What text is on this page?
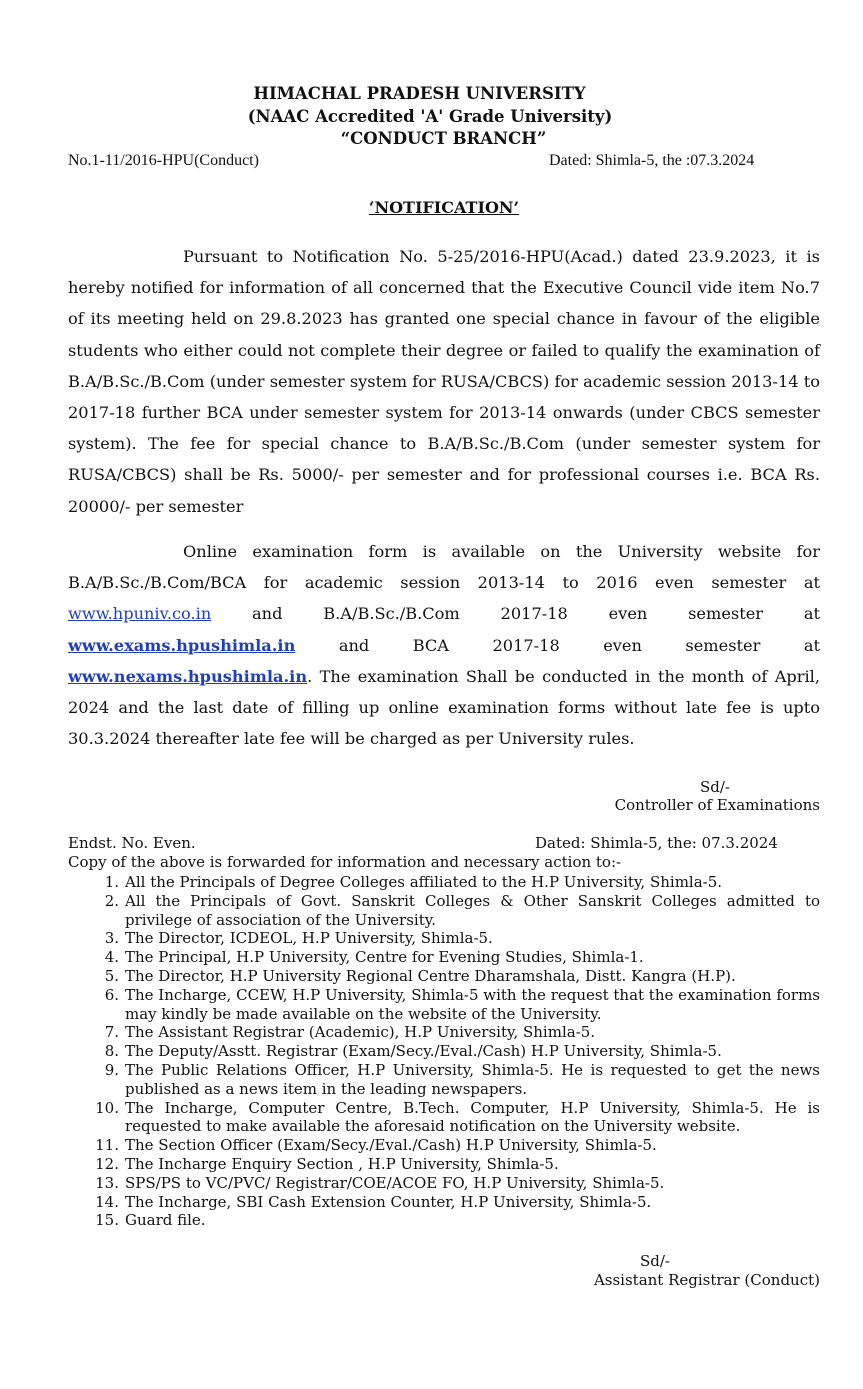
HIMACHAL PRADESH UNIVERSITY
(NAAC Accredited 'A' Grade University)
“CONDUCT BRANCH”
No.1-11/2016-HPU(Conduct)	Dated: Shimla-5, the :07.3.2024
‘NOTIFICATION’
Pursuant to Notification No. 5-25/2016-HPU(Acad.) dated 23.9.2023, it is hereby notified for information of all concerned that the Executive Council vide item No.7 of its meeting held on 29.8.2023 has granted one special chance in favour of the eligible students who either could not complete their degree or failed to qualify the examination of B.A/B.Sc./B.Com (under semester system for RUSA/CBCS) for academic session 2013-14 to 2017-18 further BCA under semester system for 2013-14 onwards (under CBCS semester system). The fee for special chance to B.A/B.Sc./B.Com (under semester system for RUSA/CBCS) shall be Rs. 5000/- per semester and for professional courses i.e. BCA Rs. 20000/- per semester
Online examination form is available on the University website for B.A/B.Sc./B.Com/BCA for academic session 2013-14 to 2016 even semester at www.hpuniv.co.in and B.A/B.Sc./B.Com 2017-18 even semester at www.exams.hpushimla.in and BCA 2017-18 even semester at www.nexams.hpushimla.in. The examination Shall be conducted in the month of April, 2024 and the last date of filling up online examination forms without late fee is upto 30.3.2024 thereafter late fee will be charged as per University rules.
Sd/-
Controller of Examinations
Endst. No. Even.	Dated: Shimla-5, the: 07.3.2024
Copy of the above is forwarded for information and necessary action to:-
1. All the Principals of Degree Colleges affiliated to the H.P University, Shimla-5.
2. All the Principals of Govt. Sanskrit Colleges & Other Sanskrit Colleges admitted to privilege of association of the University.
3. The Director, ICDEOL, H.P University, Shimla-5.
4. The Principal, H.P University, Centre for Evening Studies, Shimla-1.
5. The Director, H.P University Regional Centre Dharamshala, Distt. Kangra (H.P).
6. The Incharge, CCEW, H.P University, Shimla-5 with the request that the examination forms may kindly be made available on the website of the University.
7. The Assistant Registrar (Academic), H.P University, Shimla-5.
8. The Deputy/Asstt. Registrar (Exam/Secy./Eval./Cash) H.P University, Shimla-5.
9. The Public Relations Officer, H.P University, Shimla-5. He is requested to get the news published as a news item in the leading newspapers.
10. The Incharge, Computer Centre, B.Tech. Computer, H.P University, Shimla-5. He is requested to make available the aforesaid notification on the University website.
11. The Section Officer (Exam/Secy./Eval./Cash) H.P University, Shimla-5.
12. The Incharge Enquiry Section , H.P University, Shimla-5.
13. SPS/PS to VC/PVC/ Registrar/COE/ACOE FO, H.P University, Shimla-5.
14. The Incharge, SBI Cash Extension Counter, H.P University, Shimla-5.
15. Guard file.
Sd/-
Assistant Registrar (Conduct)
